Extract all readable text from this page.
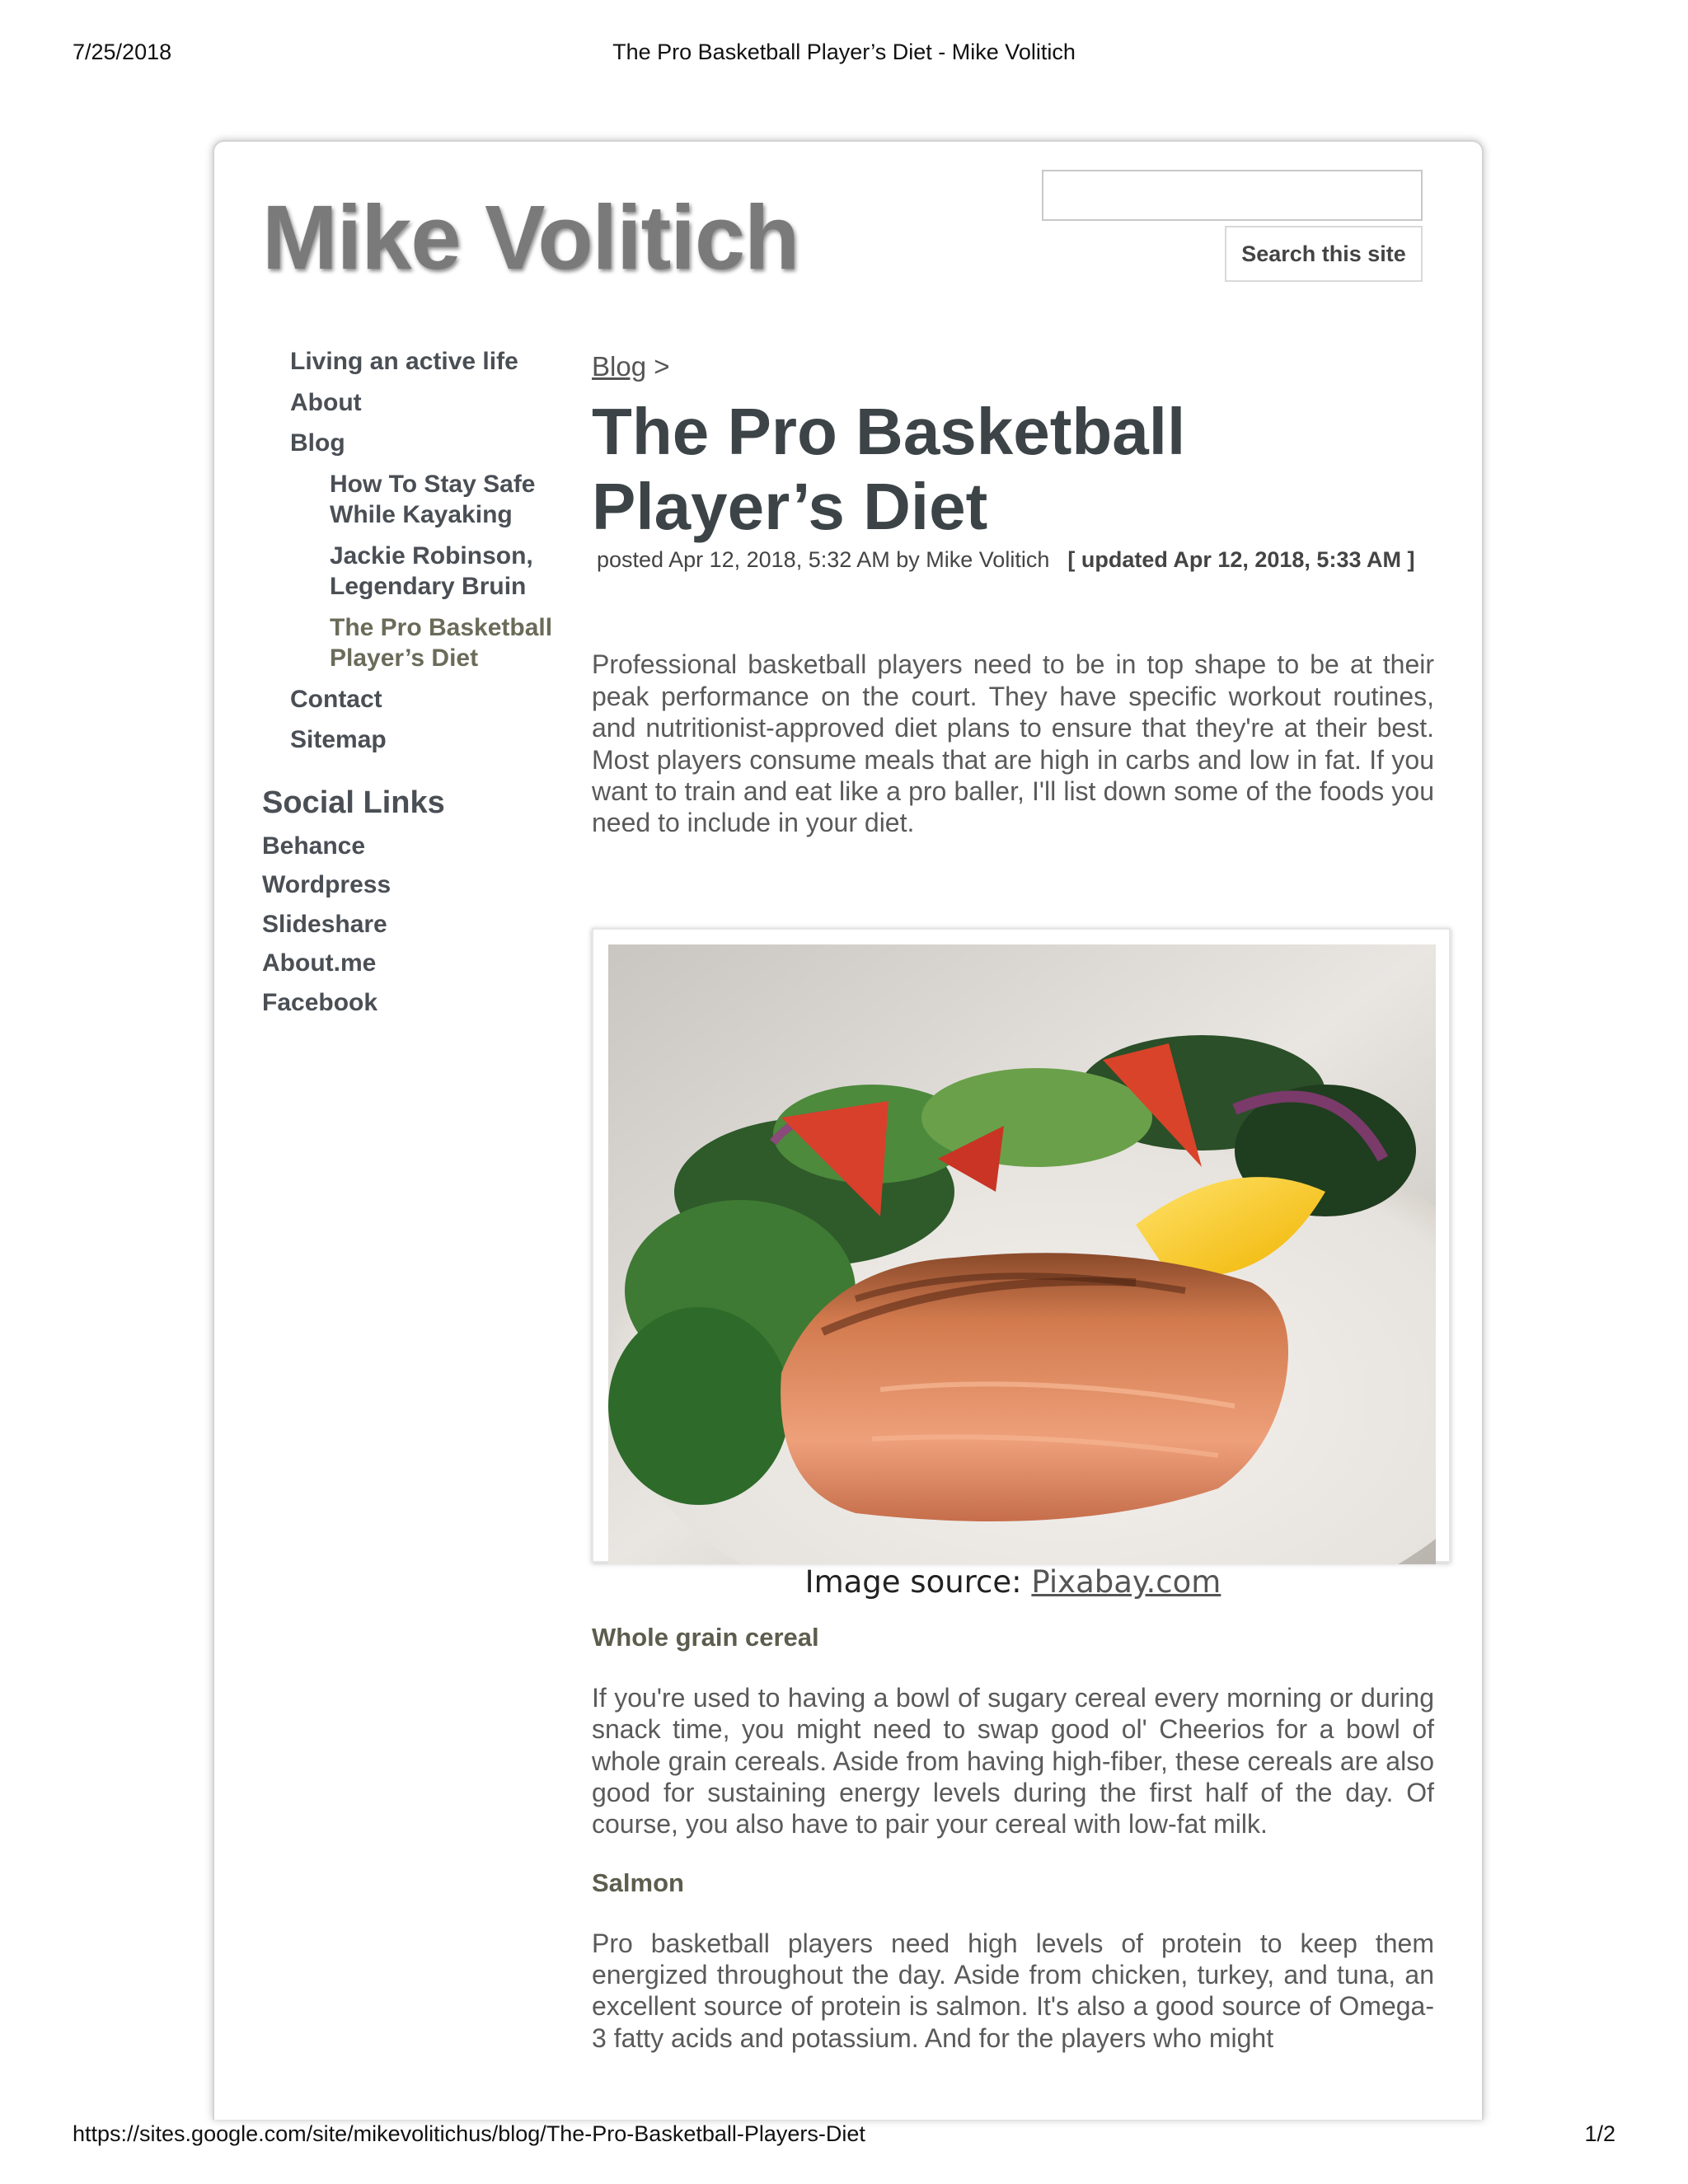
7/25/2018	The Pro Basketball Player’s Diet - Mike Volitich
Mike Volitich	Search this site
Living an active life
About
Blog
How To Stay Safe While Kayaking
Jackie Robinson, Legendary Bruin
The Pro Basketball Player’s Diet
Contact
Sitemap
Social Links
Behance
Wordpress
Slideshare
About.me
Facebook
Blog >
The Pro Basketball Player’s Diet
posted Apr 12, 2018, 5:32 AM by Mike Volitich [ updated Apr 12, 2018, 5:33 AM ]
Professional basketball players need to be in top shape to be at their peak performance on the court. They have specific workout routines, and nutritionist-approved diet plans to ensure that they're at their best. Most players consume meals that are high in carbs and low in fat. If you want to train and eat like a pro baller, I'll list down some of the foods you need to include in your diet.
Image source: Pixabay.com
Whole grain cereal
If you're used to having a bowl of sugary cereal every morning or during snack time, you might need to swap good ol' Cheerios for a bowl of whole grain cereals. Aside from having high-fiber, these cereals are also good for sustaining energy levels during the first half of the day. Of course, you also have to pair your cereal with low-fat milk.
Salmon
Pro basketball players need high levels of protein to keep them energized throughout the day. Aside from chicken, turkey, and tuna, an excellent source of protein is salmon. It's also a good source of Omega-3 fatty acids and potassium. And for the players who might
https://sites.google.com/site/mikevolitichus/blog/The-Pro-Basketball-Players-Diet	1/2
